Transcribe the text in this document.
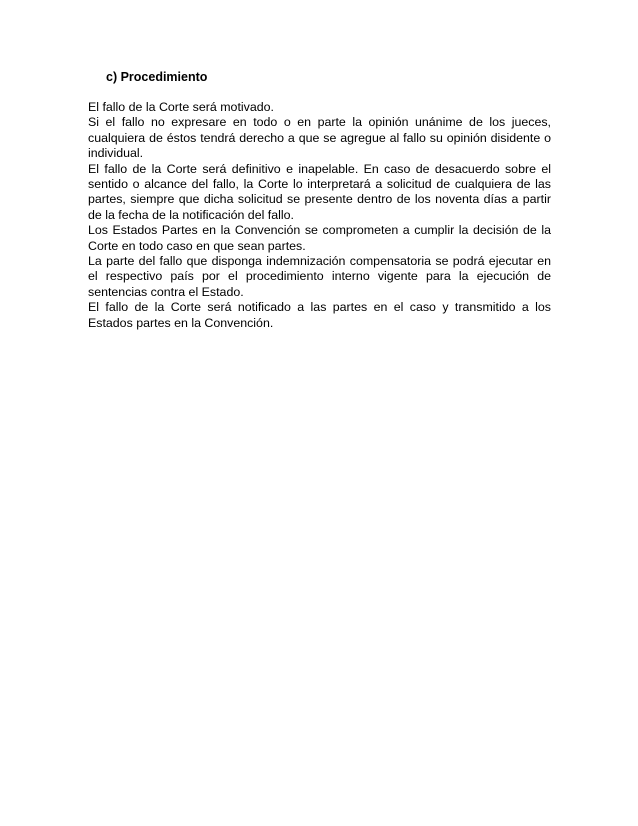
c) Procedimiento

El fallo de la Corte será motivado.

Si el fallo no expresare en todo o en parte la opinión unánime de los jueces, cualquiera de éstos tendrá derecho a que se agregue al fallo su opinión disidente o individual.

El fallo de la Corte será definitivo e inapelable. En caso de desacuerdo sobre el sentido o alcance del fallo, la Corte lo interpretará a solicitud de cualquiera de las partes, siempre que dicha solicitud se presente dentro de los noventa días a partir de la fecha de la notificación del fallo.

Los Estados Partes en la Convención se comprometen a cumplir la decisión de la Corte en todo caso en que sean partes.

La parte del fallo que disponga indemnización compensatoria se podrá ejecutar en el respectivo país por el procedimiento interno vigente para la ejecución de sentencias contra el Estado.

El fallo de la Corte será notificado a las partes en el caso y transmitido a los Estados partes en la Convención.
